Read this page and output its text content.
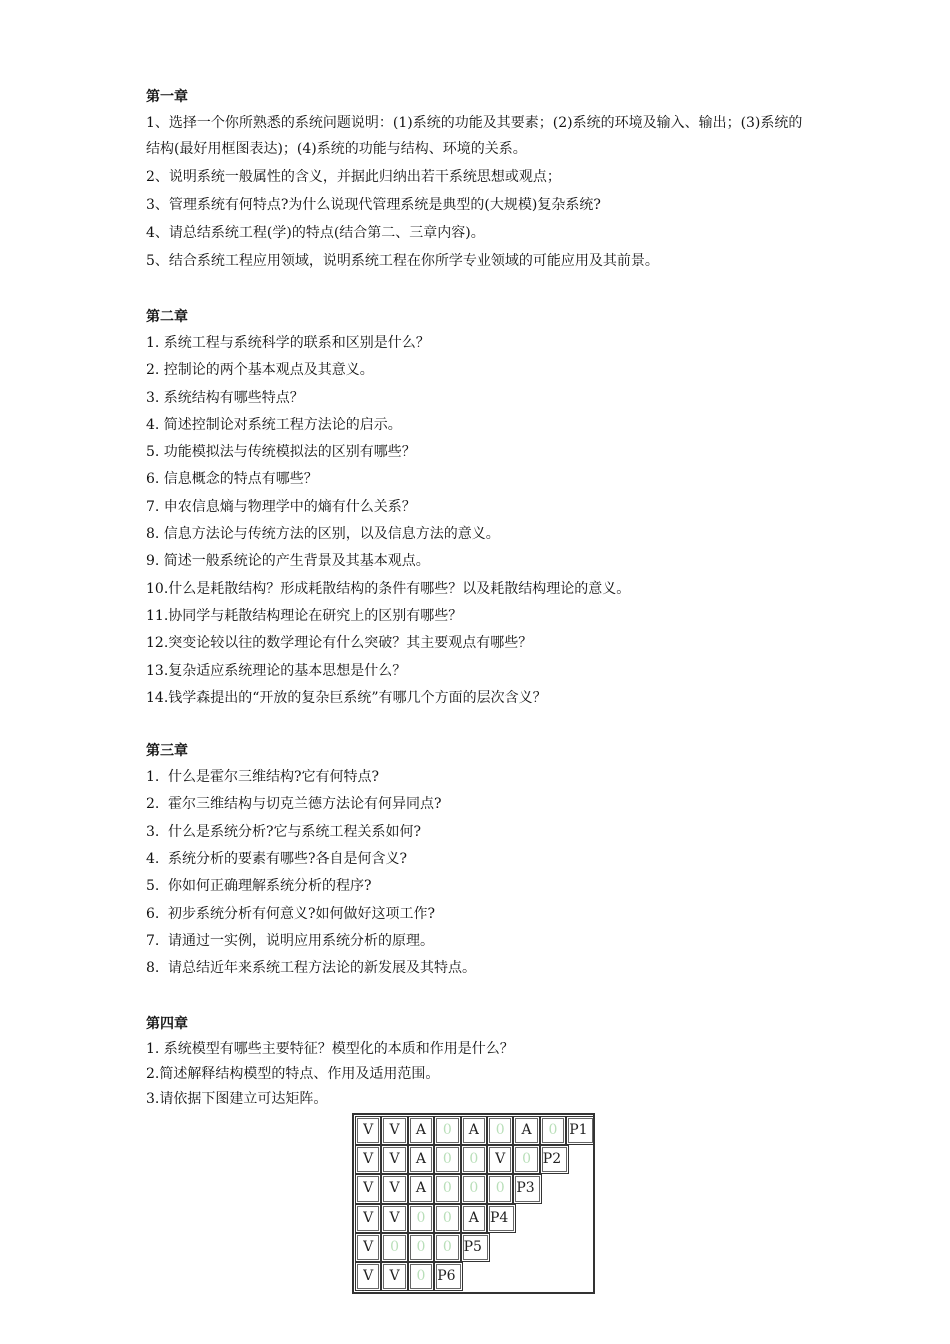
第一章

1、选择一个你所熟悉的系统问题说明：(1)系统的功能及其要素；(2)系统的环境及输入、输出；(3)系统的结构(最好用框图表达)；(4)系统的功能与结构、环境的关系。

2、说明系统一般属性的含义，并据此归纳出若干系统思想或观点；
3、管理系统有何特点?为什么说现代管理系统是典型的(大规模)复杂系统?
4、请总结系统工程(学)的特点(结合第二、三章内容)。
5、结合系统工程应用领域，说明系统工程在你所学专业领域的可能应用及其前景。
第二章
1. 系统工程与系统科学的联系和区别是什么？
2. 控制论的两个基本观点及其意义。
3. 系统结构有哪些特点？
4. 简述控制论对系统工程方法论的启示。
5. 功能模拟法与传统模拟法的区别有哪些？
6. 信息概念的特点有哪些？
7. 申农信息熵与物理学中的熵有什么关系？
8. 信息方法论与传统方法的区别，以及信息方法的意义。
9. 简述一般系统论的产生背景及其基本观点。
10.什么是耗散结构？形成耗散结构的条件有哪些？以及耗散结构理论的意义。
11.协同学与耗散结构理论在研究上的区别有哪些？
12.突变论较以往的数学理论有什么突破？其主要观点有哪些？
13.复杂适应系统理论的基本思想是什么？
14.钱学森提出的“开放的复杂巨系统”有哪几个方面的层次含义？
第三章
1. 什么是霍尔三维结构?它有何特点?
2. 霍尔三维结构与切克兰德方法论有何异同点?
3. 什么是系统分析?它与系统工程关系如何?
4. 系统分析的要素有哪些?各自是何含义?
5. 你如何正确理解系统分析的程序?
6. 初步系统分析有何意义?如何做好这项工作?
7. 请通过一实例，说明应用系统分析的原理。
8. 请总结近年来系统工程方法论的新发展及其特点。
第四章
1. 系统模型有哪些主要特征？模型化的本质和作用是什么？
2.简述解释结构模型的特点、作用及适用范围。
3.请依据下图建立可达矩阵。
V	V	A	0	A	0	A	0 P1
V	V	A	0	0	V	0 P2
V	V	A	0	0	0 P3
V	V	0	0	A P4
V	0	0	0 P5
V	V	0 P6
